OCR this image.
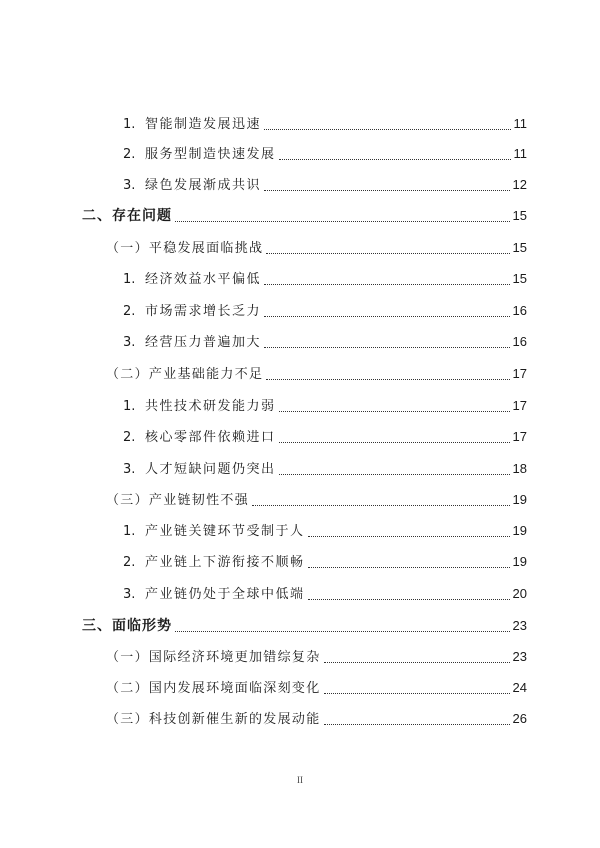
1. 智能制造发展迅速	11
2. 服务型制造快速发展	11
3. 绿色发展渐成共识	12
二、存在问题	15
（一）平稳发展面临挑战	15
1. 经济效益水平偏低	15
2. 市场需求增长乏力	16
3. 经营压力普遍加大	16
（二）产业基础能力不足	17
1. 共性技术研发能力弱	17
2. 核心零部件依赖进口	17
3. 人才短缺问题仍突出	18
（三）产业链韧性不强	19
1. 产业链关键环节受制于人	19
2. 产业链上下游衔接不顺畅	19
3. 产业链仍处于全球中低端	20
三、面临形势	23
（一）国际经济环境更加错综复杂	23
（二）国内发展环境面临深刻变化	24
（三）科技创新催生新的发展动能	26
II
